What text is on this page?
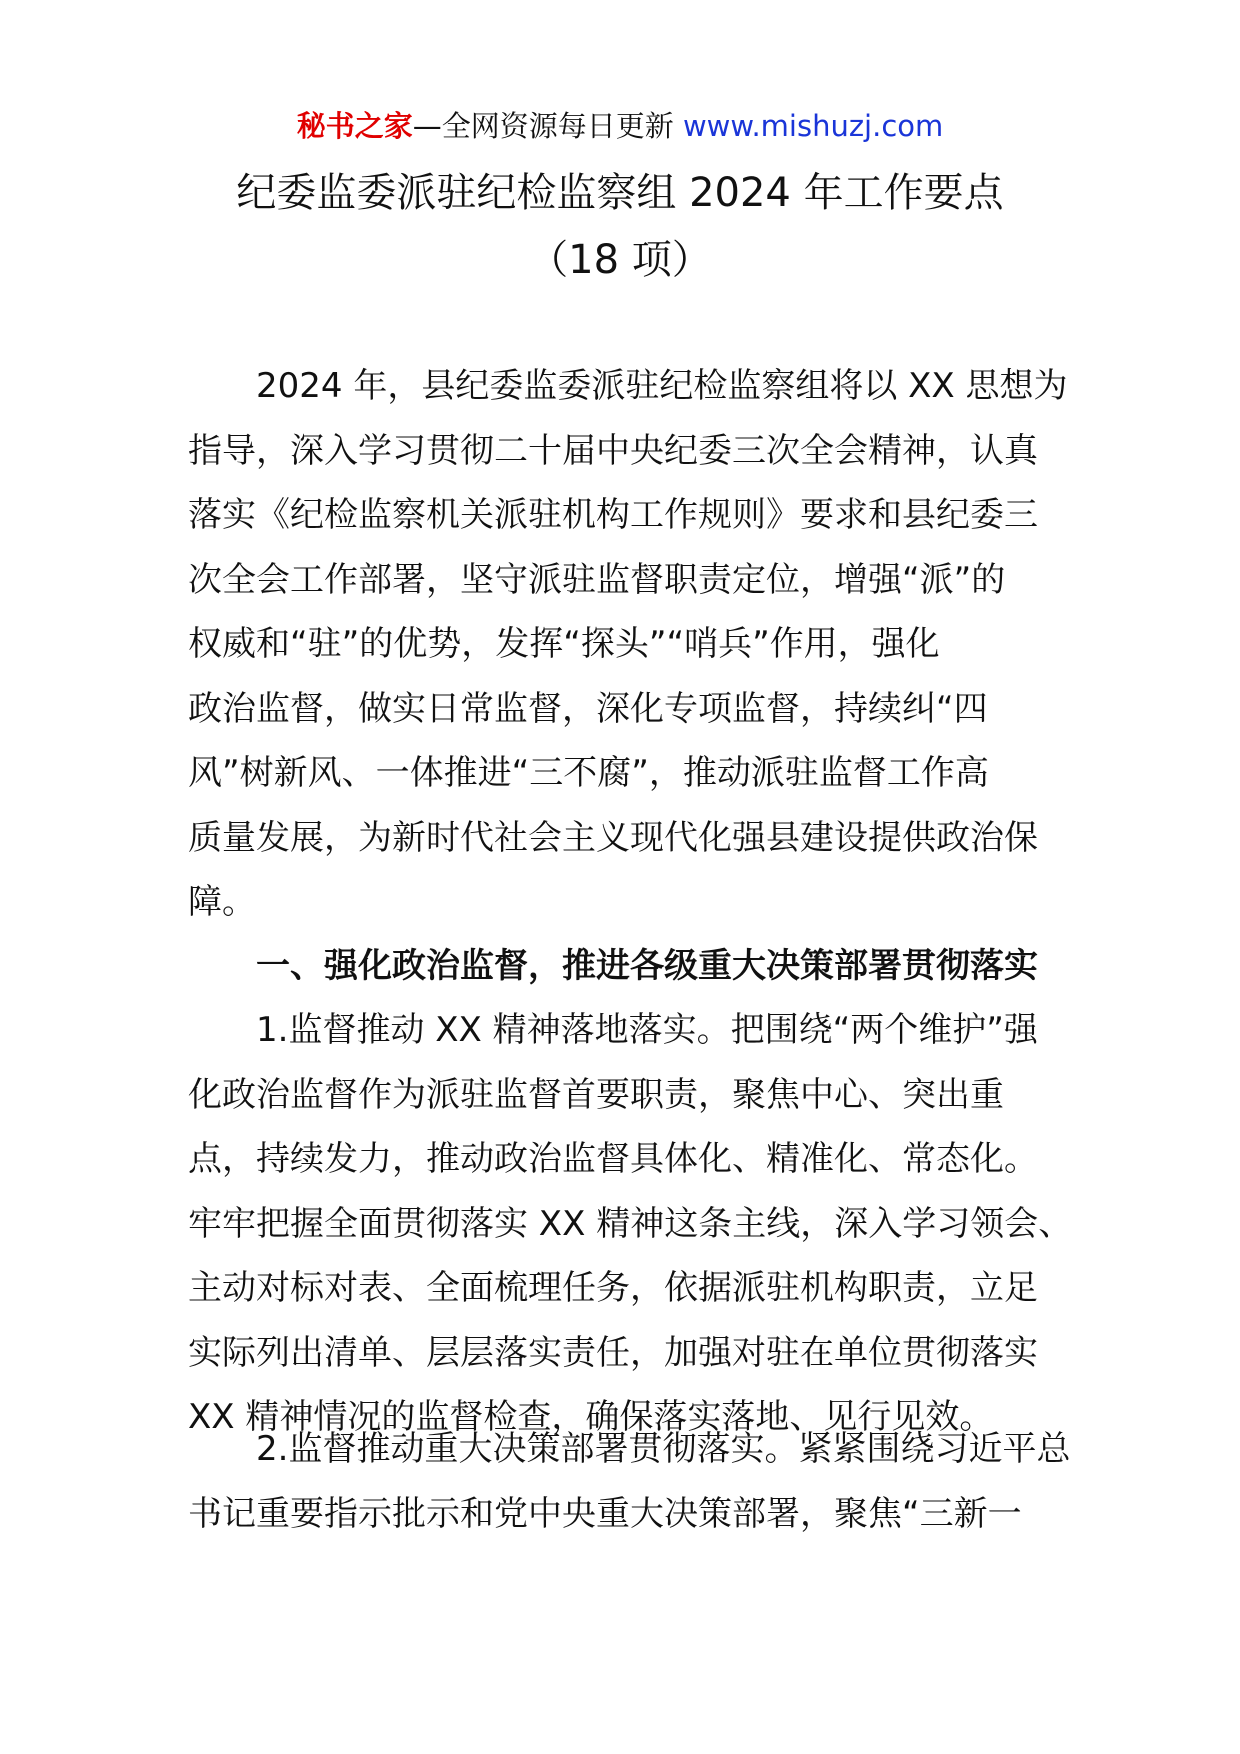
秘书之家—全网资源每日更新 www.mishuzj.com
纪委监委派驻纪检监察组 2024 年工作要点
（18 项）
2024 年，县纪委监委派驻纪检监察组将以 XX 思想为
指导，深入学习贯彻二十届中央纪委三次全会精神，认真
落实《纪检监察机关派驻机构工作规则》要求和县纪委三
次全会工作部署，坚守派驻监督职责定位，增强“派”的
权威和“驻”的优势，发挥“探头”“哨兵”作用，强化
政治监督，做实日常监督，深化专项监督，持续纠“四
风”树新风、一体推进“三不腐”，推动派驻监督工作高
质量发展，为新时代社会主义现代化强县建设提供政治保
障。
一、强化政治监督，推进各级重大决策部署贯彻落实
1.监督推动 XX 精神落地落实。把围绕“两个维护”强
化政治监督作为派驻监督首要职责，聚焦中心、突出重
点，持续发力，推动政治监督具体化、精准化、常态化。
牢牢把握全面贯彻落实 XX 精神这条主线，深入学习领会、
主动对标对表、全面梳理任务，依据派驻机构职责，立足
实际列出清单、层层落实责任，加强对驻在单位贯彻落实
XX 精神情况的监督检查，确保落实落地、见行见效。
2.监督推动重大决策部署贯彻落实。紧紧围绕习近平总
书记重要指示批示和党中央重大决策部署，聚焦“三新一
